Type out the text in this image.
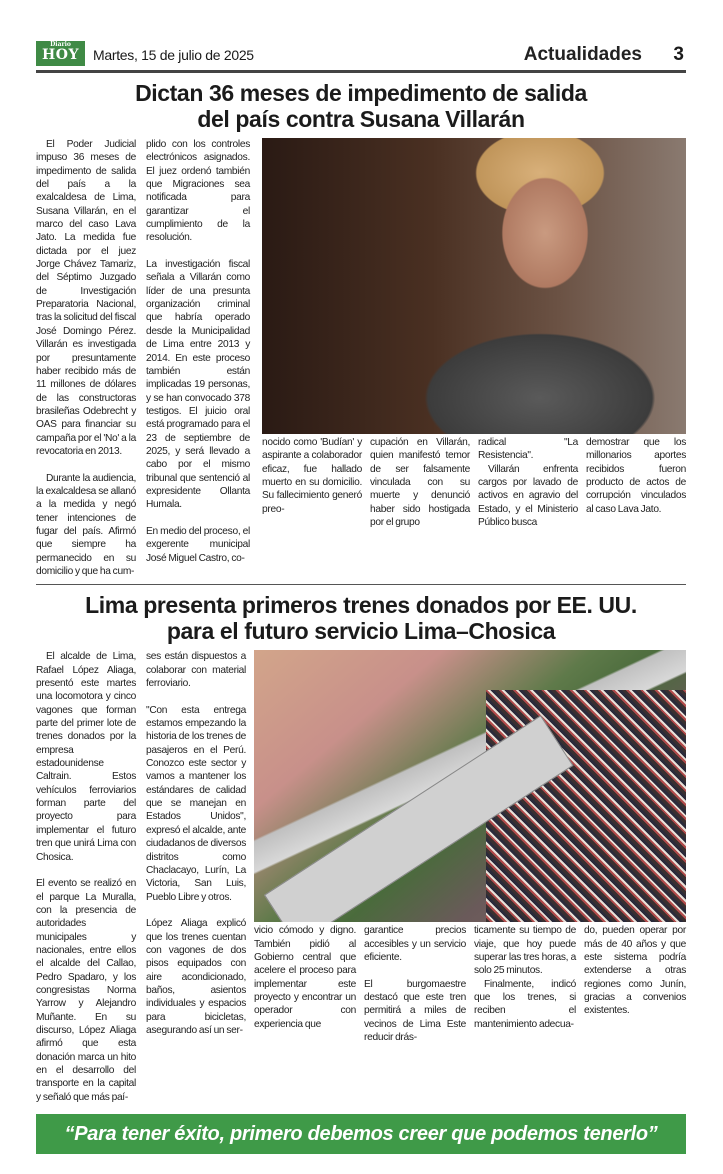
Diario
HOY	Martes, 15 de julio de 2025	Actualidades 3
Dictan 36 meses de impedimento de salida
del país contra Susana Villarán

El Poder Judicial impuso 36 meses de impedimento de salida del país a la exalcaldesa de Lima, Susana Villarán, en el marco del caso Lava Jato. La medida fue dictada por el juez Jorge Chávez Tamariz, del Séptimo Juzgado de Investigación Preparatoria Nacional, tras la solicitud del fiscal José Domingo Pérez. Villarán es investigada por presuntamente haber recibido más de 11 millones de dólares de las constructoras brasileñas Odebrecht y OAS para financiar su campaña por el 'No' a la revocatoria en 2013.

Durante la audiencia, la exalcaldesa se allanó a la medida y negó tener intenciones de fugar del país. Afirmó que siempre ha permanecido en su domicilio y que ha cum-

plido con los controles electrónicos asignados. El juez ordenó también que Migraciones sea notificada para garantizar el cumplimiento de la resolución.

La investigación fiscal señala a Villarán como líder de una presunta organización criminal que habría operado desde la Municipalidad de Lima entre 2013 y 2014. En este proceso también están implicadas 19 personas, y se han convocado 378 testigos. El juicio oral está programado para el 23 de septiembre de 2025, y será llevado a cabo por el mismo tribunal que sentenció al expresidente Ollanta Humala.

En medio del proceso, el exgerente municipal José Miguel Castro, co-

nocido como 'Budían' y aspirante a colaborador eficaz, fue hallado muerto en su domicilio. Su fallecimiento generó preo-

cupación en Villarán, quien manifestó temor de ser falsamente vinculada con su muerte y denunció haber sido hostigada por el grupo

radical "La Resistencia".

Villarán enfrenta cargos por lavado de activos en agravio del Estado, y el Ministerio Público busca

demostrar que los millonarios aportes recibidos fueron producto de actos de corrupción vinculados al caso Lava Jato.

Lima presenta primeros trenes donados por EE. UU.
para el futuro servicio Lima–Chosica

El alcalde de Lima, Rafael López Aliaga, presentó este martes una locomotora y cinco vagones que forman parte del primer lote de trenes donados por la empresa estadounidense Caltrain. Estos vehículos ferroviarios forman parte del proyecto para implementar el futuro tren que unirá Lima con Chosica.

El evento se realizó en el parque La Muralla, con la presencia de autoridades municipales y nacionales, entre ellos el alcalde del Callao, Pedro Spadaro, y los congresistas Norma Yarrow y Alejandro Muñante. En su discurso, López Aliaga afirmó que esta donación marca un hito en el desarrollo del transporte en la capital y señaló que más paí-

ses están dispuestos a colaborar con material ferroviario.

"Con esta entrega estamos empezando la historia de los trenes de pasajeros en el Perú. Conozco este sector y vamos a mantener los estándares de calidad que se manejan en Estados Unidos", expresó el alcalde, ante ciudadanos de diversos distritos como Chaclacayo, Lurín, La Victoria, San Luis, Pueblo Libre y otros.

López Aliaga explicó que los trenes cuentan con vagones de dos pisos equipados con aire acondicionado, baños, asientos individuales y espacios para bicicletas, asegurando así un ser-

vicio cómodo y digno. También pidió al Gobierno central que acelere el proceso para implementar este proyecto y encontrar un operador con experiencia que

garantice precios accesibles y un servicio eficiente.

El burgomaestre destacó que este tren permitirá a miles de vecinos de Lima Este reducir drás-

ticamente su tiempo de viaje, que hoy puede superar las tres horas, a solo 25 minutos.

Finalmente, indicó que los trenes, si reciben el mantenimiento adecua-

do, pueden operar por más de 40 años y que este sistema podría extenderse a otras regiones como Junín, gracias a convenios existentes.

“Para tener éxito, primero debemos creer que podemos tenerlo”
